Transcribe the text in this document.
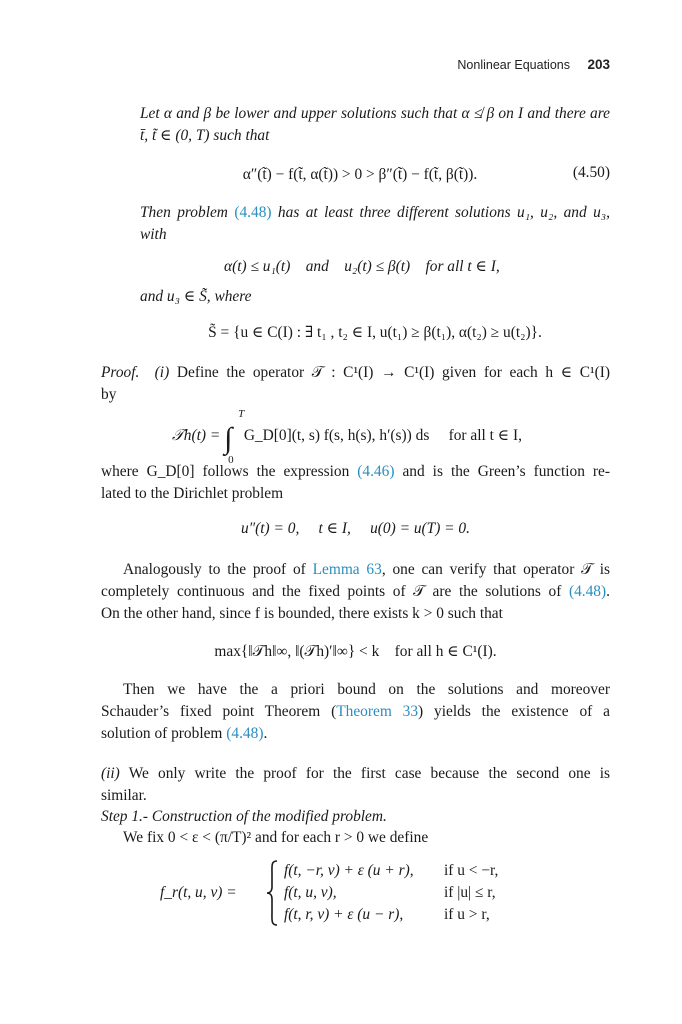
Nonlinear Equations 203
Let α and β be lower and upper solutions such that α ≰ β on I and there are
t̄, t̃ ∈ (0, T) such that
α″(t̃) − f(t̃, α(t̃)) > 0 > β″(t̃) − f(t̃, β(t̃)).	(4.50)
Then problem (4.48) has at least three different solutions u₁, u₂, and u₃,
with
α(t) ≤ u₁(t) and u₂(t) ≤ β(t) for all t ∈ I,
and u₃ ∈ S̃, where
S̃ = {u ∈ C(I) : ∃ t₁ , t₂ ∈ I, u(t₁) ≥ β(t₁), α(t₂) ≥ u(t₂)}.
Proof. (i) Define the operator 𝒯 : C¹(I) → C¹(I) given for each h ∈ C¹(I)
by
𝒯h(t) = ∫
T
0
G_D[0](t, s) f(s, h(s), h′(s)) ds for all t ∈ I,
where G_D[0] follows the expression (4.46) and is the Green’s function re-
lated to the Dirichlet problem
u″(t) = 0,     t ∈ I,     u(0) = u(T) = 0.
Analogously to the proof of Lemma 63, one can verify that operator 𝒯 is
completely continuous and the fixed points of 𝒯 are the solutions of (4.48).
On the other hand, since f is bounded, there exists k > 0 such that
max{‖𝒯h‖∞, ‖(𝒯h)′‖∞} < k    for all h ∈ C¹(I).
Then we have the a priori bound on the solutions and moreover
Schauder’s fixed point Theorem (Theorem 33) yields the existence of a
solution of problem (4.48).
(ii) We only write the proof for the first case because the second one is
similar.
Step 1.- Construction of the modified problem.
We fix 0 < ε < (π/T)² and for each r > 0 we define
f_r(t, u, v) =
f(t, −r, v) + ε (u + r), if u < −r,
f(t, u, v),	if |u| ≤ r,
f(t, r, v) + ε (u − r),	if u > r,
